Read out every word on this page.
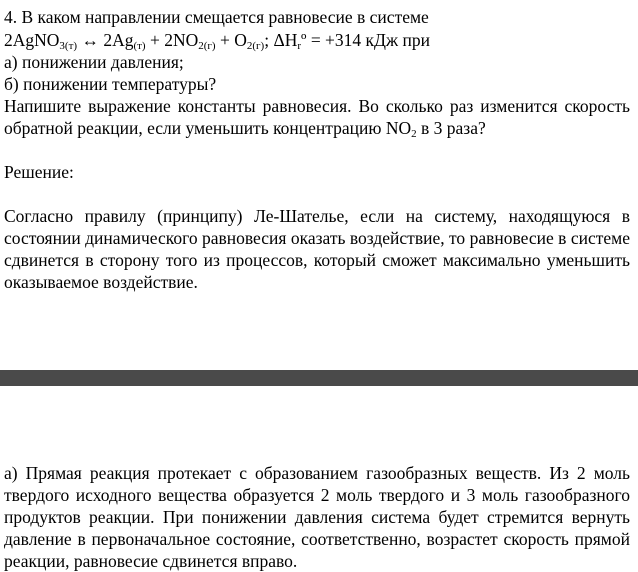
4. В каком направлении смещается равновесие в системе
2AgNO$_{3(т)}$ ↔ $2Ag_{(т)} + 2NO_{2(г)} + O_{2(г)}$; $\Delta H_rº = +314$ кДж при
а) понижении давления;
б) понижении температуры?
Напишите выражение константы равновесия. Во сколько раз изменится скорость обратной реакции, если уменьшить концентрацию $NO_2$ в 3 раза?
Решение:
Согласно правилу (принципу) Ле-Шателье, если на систему, находящуюся в состоянии динамического равновесия оказать воздействие, то равновесие в системе сдвинется в сторону того из процессов, который сможет максимально уменьшить оказываемое воздействие.
а) Прямая реакция протекает с образованием газообразных веществ. Из 2 моль твердого исходного вещества образуется 2 моль твердого и 3 моль газообразного продуктов реакции. При понижении давления система будет стремится вернуть давление в первоначальное состояние, соответственно, возрастет скорость прямой реакции, равновесие сдвинется вправо.
